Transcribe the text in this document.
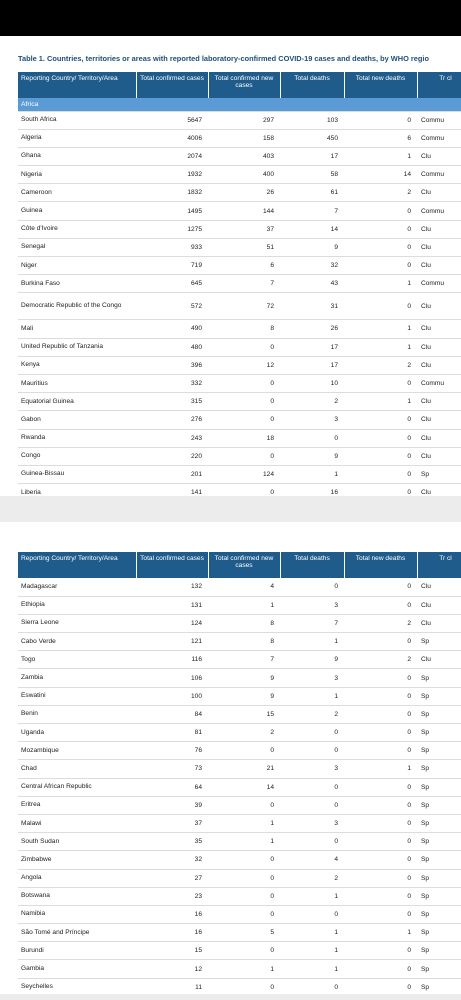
Table 1. Countries, territories or areas with reported laboratory-confirmed COVID-19 cases and deaths, by WHO regio
Reporting Country/ Territory/Area	Total confirmed cases	Total confirmed new cases	Total deaths	Total new deaths	Tr cl
Africa					
South Africa	5647	297	103	0	Commu
Algeria	4006	158	450	6	Commu
Ghana	2074	403	17	1	Clu
Nigeria	1932	400	58	14	Commu
Cameroon	1832	26	61	2	Clu
Guinea	1495	144	7	0	Commu
Côte d'Ivoire	1275	37	14	0	Clu
Senegal	933	51	9	0	Clu
Niger	719	6	32	0	Clu
Burkina Faso	645	7	43	1	Commu
Democratic Republic of the Congo	572	72	31	0	Clu
Mali	490	8	26	1	Clu
United Republic of Tanzania	480	0	17	1	Clu
Kenya	396	12	17	2	Clu
Mauritius	332	0	10	0	Commu
Equatorial Guinea	315	0	2	1	Clu
Gabon	276	0	3	0	Clu
Rwanda	243	18	0	0	Clu
Congo	220	0	9	0	Clu
Guinea-Bissau	201	124	1	0	Sp
Liberia	141	0	16	0	Clu
Reporting Country/ Territory/Area	Total confirmed cases	Total confirmed new cases	Total deaths	Total new deaths	Tr cl
Madagascar	132	4	0	0	Clu
Ethiopia	131	1	3	0	Clu
Sierra Leone	124	8	7	2	Clu
Cabo Verde	121	8	1	0	Sp
Togo	116	7	9	2	Clu
Zambia	106	9	3	0	Sp
Eswatini	100	9	1	0	Sp
Benin	84	15	2	0	Sp
Uganda	81	2	0	0	Sp
Mozambique	76	0	0	0	Sp
Chad	73	21	3	1	Sp
Central African Republic	64	14	0	0	Sp
Eritrea	39	0	0	0	Sp
Malawi	37	1	3	0	Sp
South Sudan	35	1	0	0	Sp
Zimbabwe	32	0	4	0	Sp
Angola	27	0	2	0	Sp
Botswana	23	0	1	0	Sp
Namibia	16	0	0	0	Sp
São Tomé and Príncipe	16	5	1	1	Sp
Burundi	15	0	1	0	Sp
Gambia	12	1	1	0	Sp
Seychelles	11	0	0	0	Sp
